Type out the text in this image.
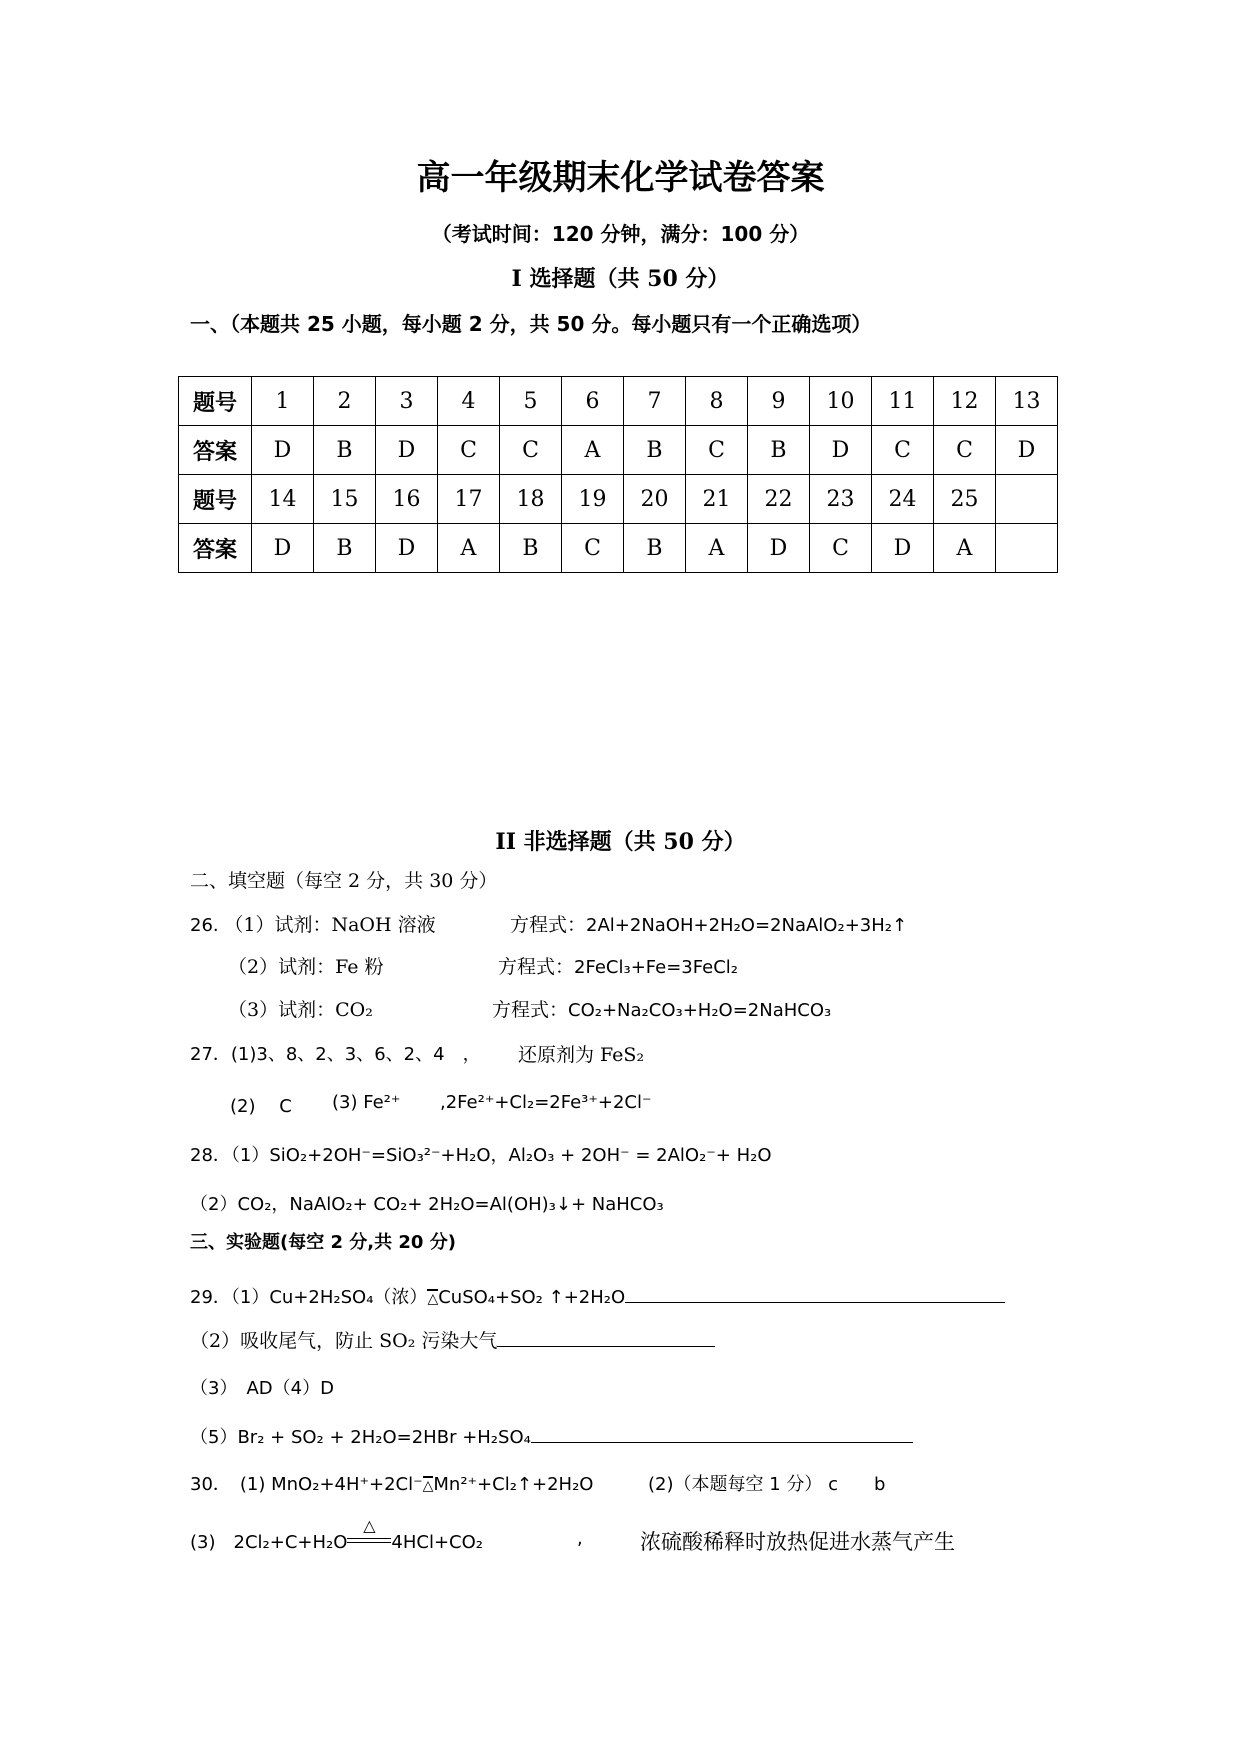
高一年级期末化学试卷答案
（考试时间：120 分钟，满分：100 分）
I 选择题（共 50 分）
一、（本题共 25 小题，每小题 2 分，共 50 分。每小题只有一个正确选项）
题号	1	2	3	4	5	6	7	8	9	10	11	12	13
答案	D	B	D	C	C	A	B	C	B	D	C	C	D
题号	14	15	16	17	18	19	20	21	22	23	24	25	
答案	D	B	D	A	B	C	B	A	D	C	D	A	
II 非选择题（共 50 分）
二、填空题（每空 2 分，共 30 分）
26. （1）试剂：NaOH 溶液	方程式：2Al+2NaOH+2H₂O=2NaAlO₂+3H₂↑
（2）试剂：Fe 粉	方程式：2FeCl₃+Fe=3FeCl₂
（3）试剂：CO₂	方程式：CO₂+Na₂CO₃+H₂O=2NaHCO₃
27．(1)3、8、2、3、6、2、4　， 还原剂为 FeS₂
(2)　 C (3) Fe²⁺ ,2Fe²⁺+Cl₂=2Fe³⁺+2Cl⁻
28．（1）SiO₂+2OH⁻=SiO₃²⁻+H₂O，Al₂O₃ + 2OH⁻ = 2AlO₂⁻+ H₂O
（2）CO₂，NaAlO₂+ CO₂+ 2H₂O=Al(OH)₃↓+ NaHCO₃
三、实验题(每空 2 分,共 20 分)
29．（1）Cu+2H₂SO₄（浓）△CuSO₄+SO₂ ↑+2H₂O
（2）吸收尾气，防止 SO₂ 污染大气
（3）　AD（4）D
（5）Br₂ + SO₂ + 2H₂O=2HBr +H₂SO₄
30．　(1) MnO₂+4H⁺+2Cl⁻△Mn²⁺+Cl₂↑+2H₂O	(2)（本题每空 1 分） c　　b
(3)　2Cl₂+C+H₂O
△
4HCl+CO₂	,	浓硫酸稀释时放热促进水蒸气产生
